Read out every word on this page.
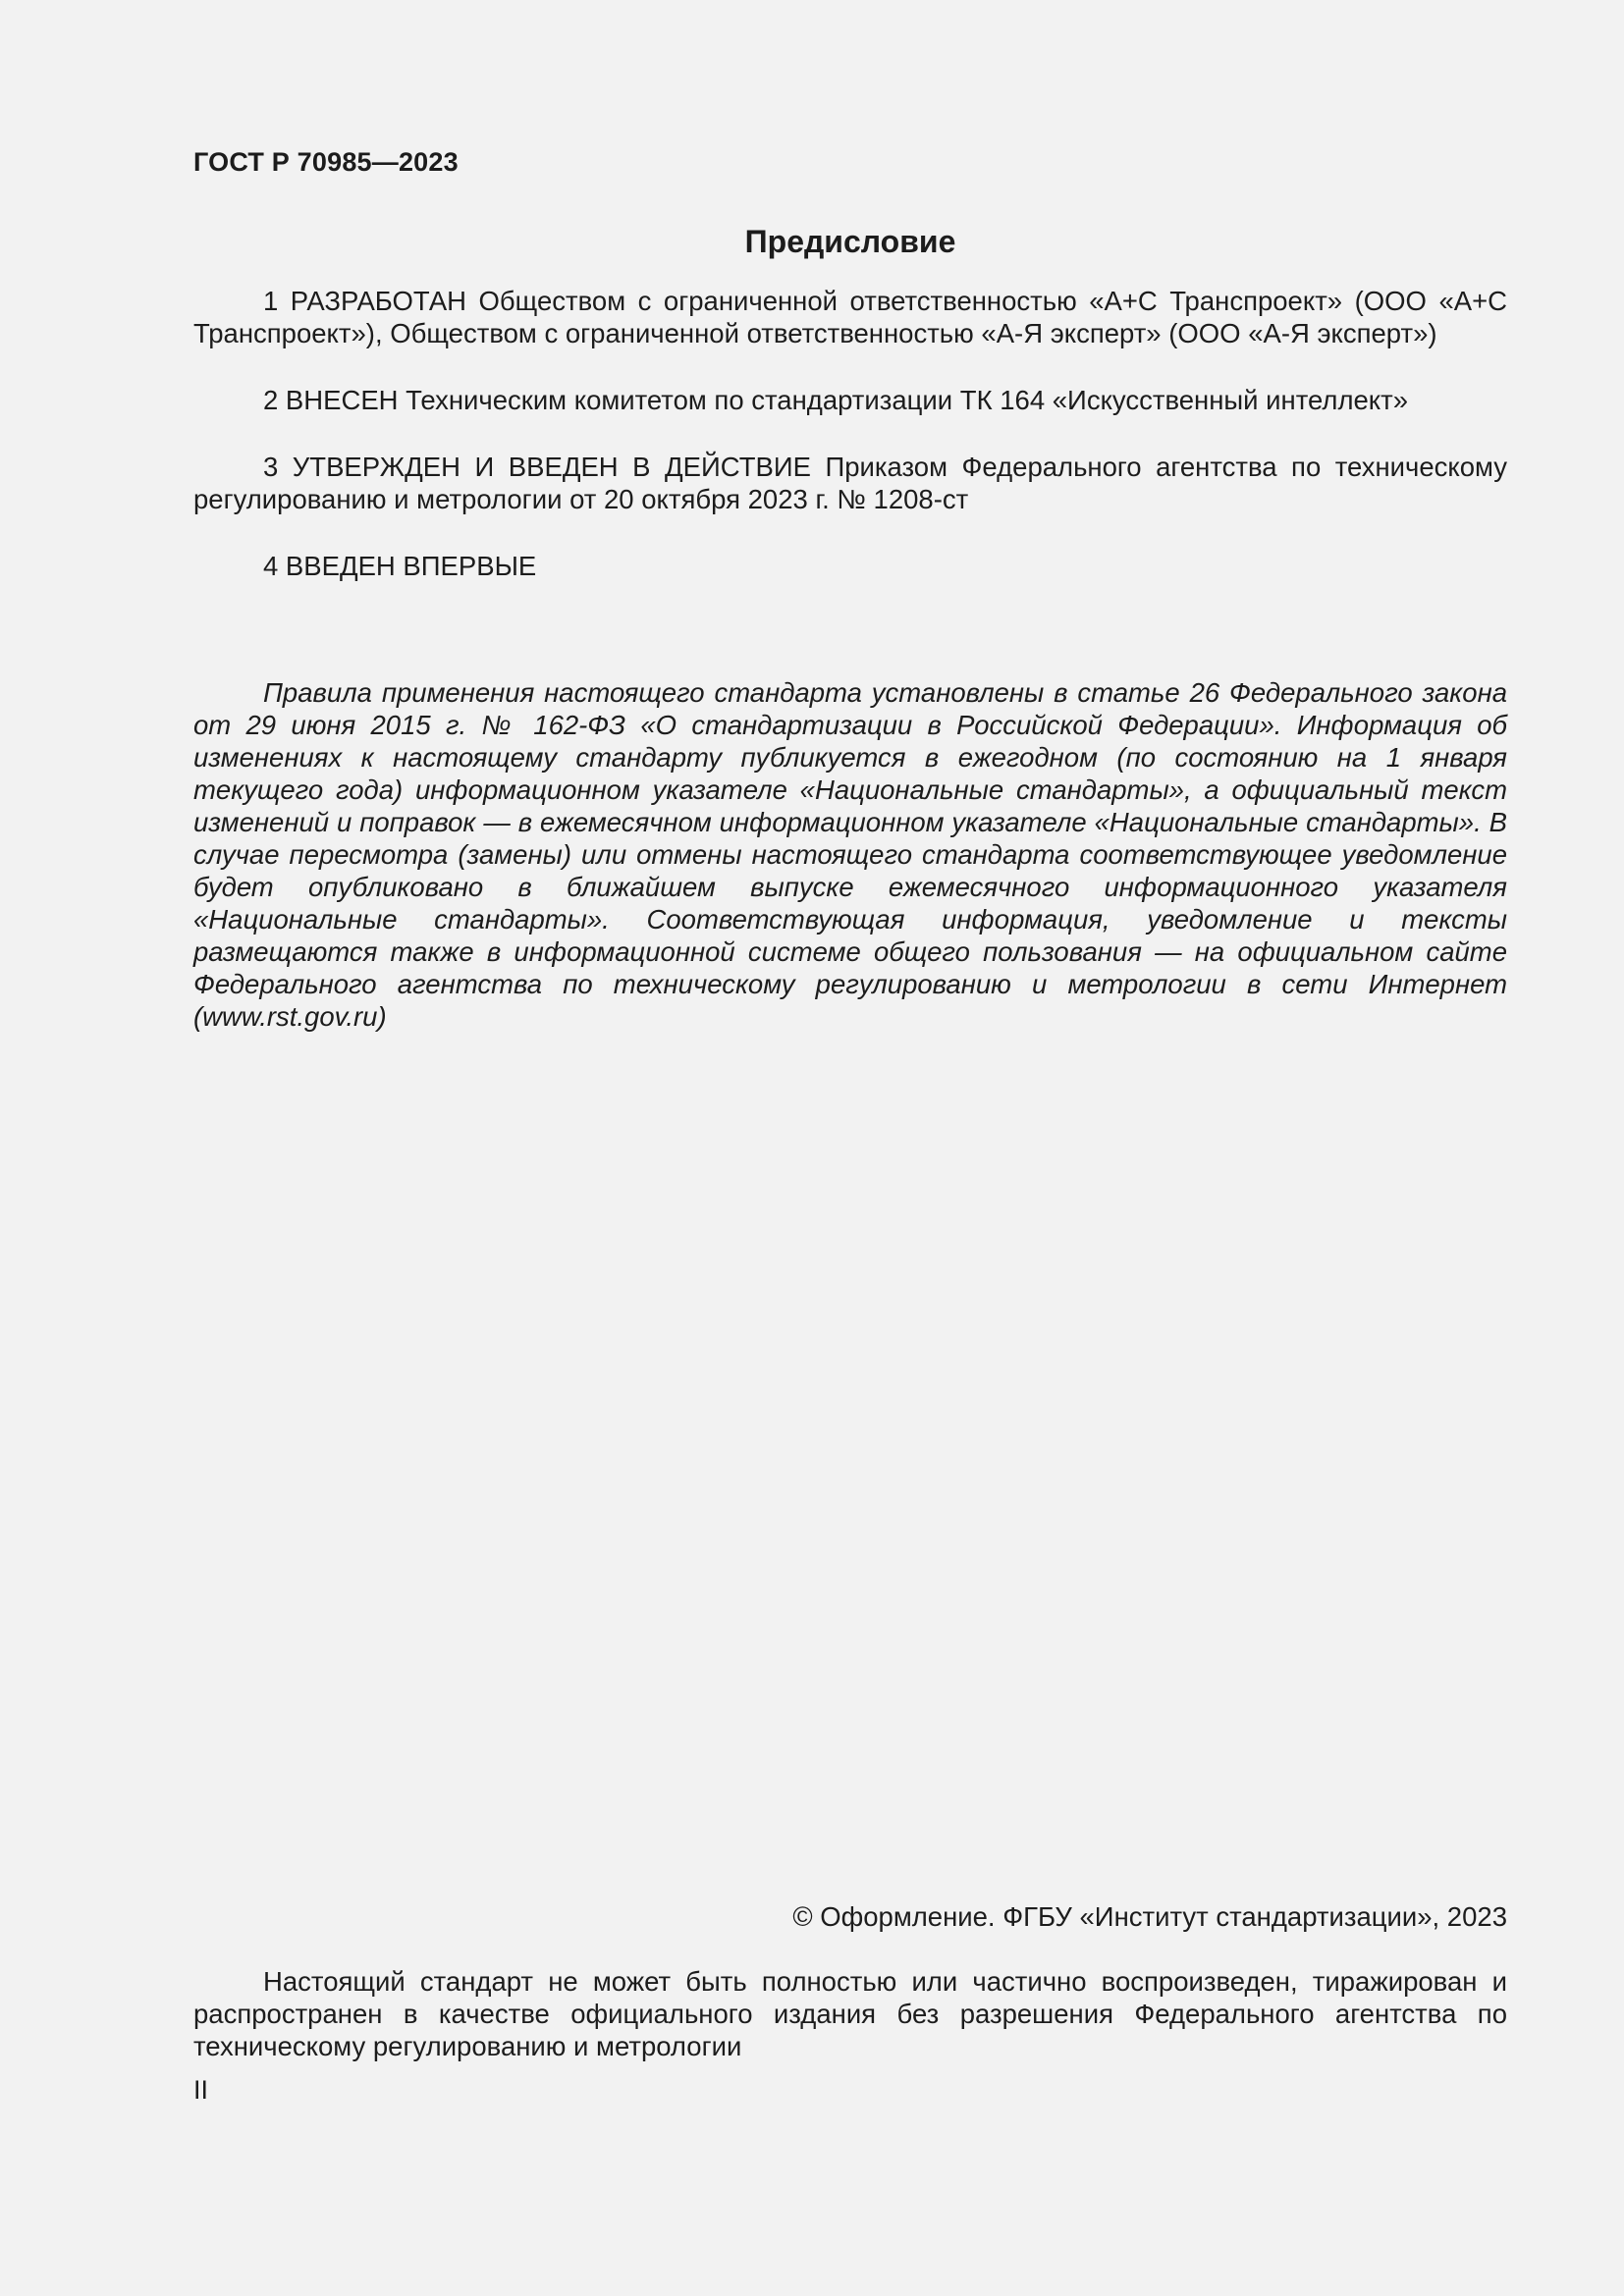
ГОСТ Р 70985—2023
Предисловие

1 РАЗРАБОТАН Обществом с ограниченной ответственностью «А+С Транспроект» (ООО «А+С Транспроект»), Обществом с ограниченной ответственностью «А-Я эксперт» (ООО «А-Я эксперт»)

2 ВНЕСЕН Техническим комитетом по стандартизации ТК 164 «Искусственный интеллект»

3 УТВЕРЖДЕН И ВВЕДЕН В ДЕЙСТВИЕ Приказом Федерального агентства по техническому регулированию и метрологии от 20 октября 2023 г. № 1208-ст

4 ВВЕДЕН ВПЕРВЫЕ

Правила применения настоящего стандарта установлены в статье 26 Федерального закона от 29 июня 2015 г. № 162-ФЗ «О стандартизации в Российской Федерации». Информация об изменениях к настоящему стандарту публикуется в ежегодном (по состоянию на 1 января текущего года) информационном указателе «Национальные стандарты», а официальный текст изменений и поправок — в ежемесячном информационном указателе «Национальные стандарты». В случае пересмотра (замены) или отмены настоящего стандарта соответствующее уведомление будет опубликовано в ближайшем выпуске ежемесячного информационного указателя «Национальные стандарты». Соответствующая информация, уведомление и тексты размещаются также в информационной системе общего пользования — на официальном сайте Федерального агентства по техническому регулированию и метрологии в сети Интернет (www.rst.gov.ru)

© Оформление. ФГБУ «Институт стандартизации», 2023

Настоящий стандарт не может быть полностью или частично воспроизведен, тиражирован и распространен в качестве официального издания без разрешения Федерального агентства по техническому регулированию и метрологии

II
